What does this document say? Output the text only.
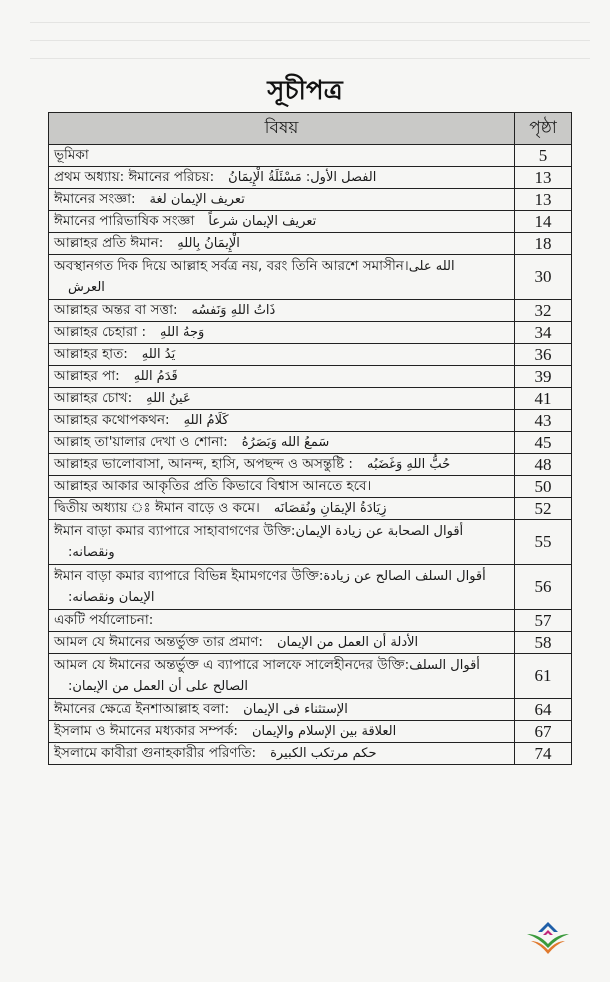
সূচীপত্র
বিষয়	পৃষ্ঠা
ভূমিকা	5
প্রথম অধ্যায়: ঈমানের পরিচয়: الفصل الأول: مَسْئَلَةُ الْإِيمَانُ	13
ঈমানের সংজ্ঞা: تعريف الإيمان لغة	13
ঈমানের পারিভাষিক সংজ্ঞা تعريف الإيمان شرعاً	14
আল্লাহর প্রতি ঈমান: الْإِيمَانُ بِاللهِ	18
অবস্থানগত দিক দিয়ে আল্লাহ সর্বত্র নয়, বরং তিনি আরশে সমাসীন।الله على العرش	30
আল্লাহর অন্তর বা সত্তা: ذَاتُ اللهِ وَنَفسُه	32
আল্লাহর চেহারা : وَجهُ اللهِ	34
আল্লাহর হাত: يَدُ اللهِ	36
আল্লাহর পা: قَدَمُ اللهِ	39
আল্লাহর চোখ: عَينُ اللهِ	41
আল্লাহর কথোপকথন: كَلَامُ اللهِ	43
আল্লাহ তা'য়ালার দেখা ও শোনা: سَمعُ الله وَبَصَرُهُ	45
আল্লাহর ভালোবাসা, আনন্দ, হাসি, অপছন্দ ও অসন্তুষ্টি : حُبُّ اللهِ وَغَضَبُه	48
আল্লাহর আকার আকৃতির প্রতি কিভাবে বিশ্বাস আনতে হবে।	50
দ্বিতীয় অধ্যায় ঃ ঈমান বাড়ে ও কমে। زِيَادَةُ الإيمَانِ ونُقصَانَه	52
ঈমান বাড়া কমার ব্যাপারে সাহাবাগণের উক্তি:أقوال الصحابة عن زيادة الإيمان ونقصانه:	55
ঈমান বাড়া কমার ব্যাপারে বিভিন্ন ইমামগণের উক্তি:أقوال السلف الصالح عن زيادة الإيمان ونقصانه:	56
একটি পর্যালোচনা:	57
আমল যে ঈমানের অন্তর্ভুক্ত তার প্রমাণ: الأدلة أن العمل من الإيمان	58
আমল যে ঈমানের অন্তর্ভুক্ত এ ব্যাপারে সালফে সালেহীনদের উক্তি:أقوال السلف الصالح على أن العمل من الإيمان:	61
ঈমানের ক্ষেত্রে ইনশাআল্লাহ বলা: الإستثناء فى الإيمان	64
ইসলাম ও ঈমানের মধ্যকার সম্পর্ক: العلاقة بين الإسلام والإيمان	67
ইসলামে কাবীরা গুনাহকারীর পরিণতি: حكم مرتكب الكبيرة	74
